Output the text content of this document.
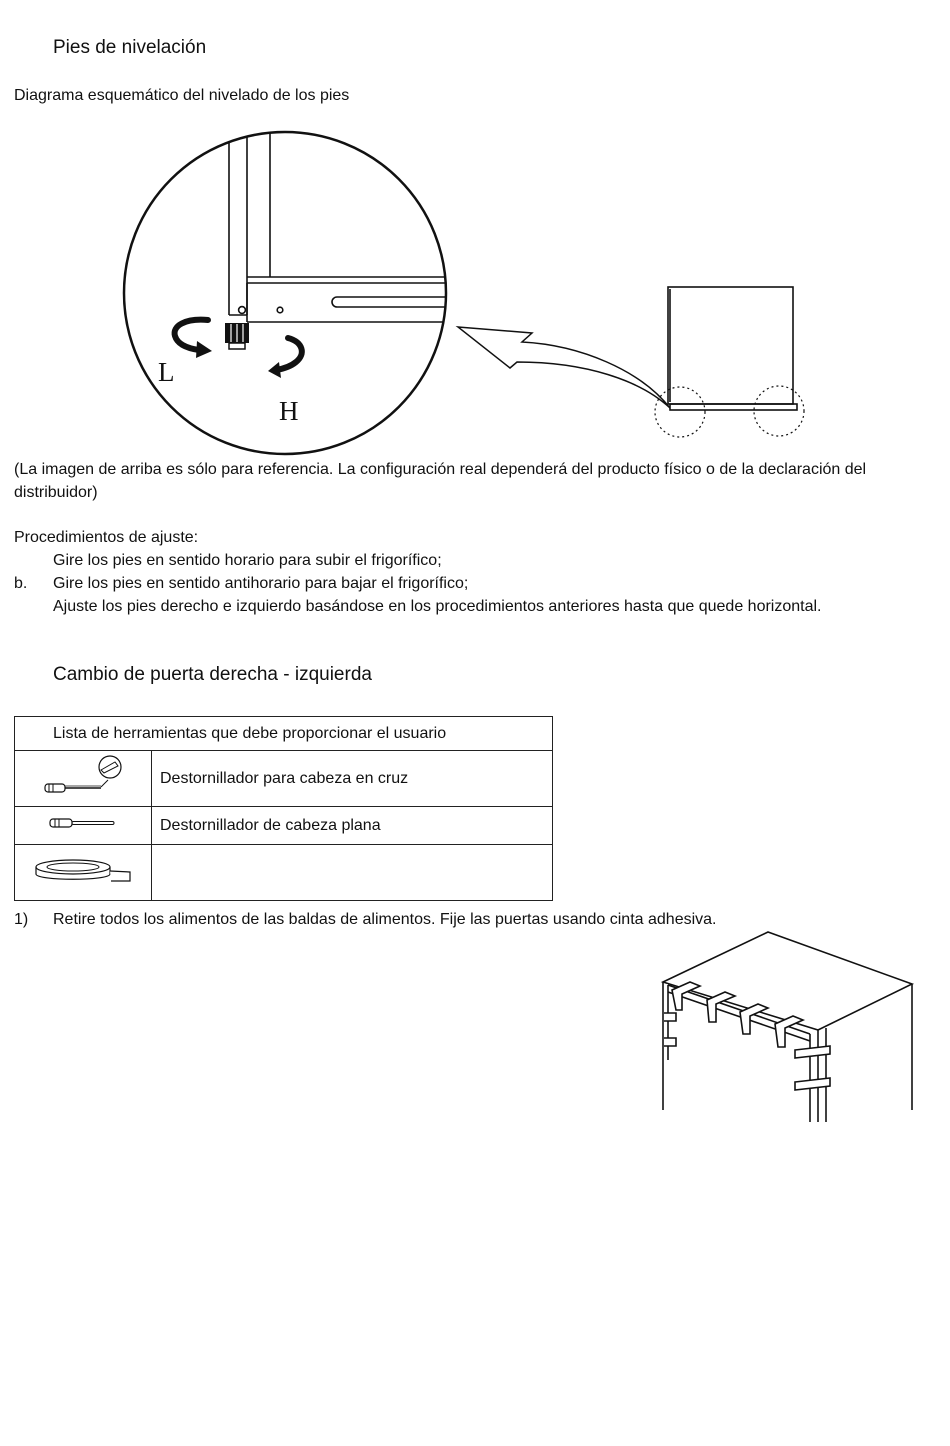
Pies de nivelación
Diagrama esquemático del nivelado de los pies
L
H
(La imagen de arriba es sólo para referencia. La configuración real dependerá del producto físico o de la declaración del distribuidor)
Procedimientos de ajuste:
Gire los pies en sentido horario para subir el frigorífico;
b. Gire los pies en sentido antihorario para bajar el frigorífico;
Ajuste los pies derecho e izquierdo basándose en los procedimientos anteriores hasta que quede horizontal.
Cambio de puerta derecha - izquierda
Lista de herramientas que debe proporcionar el usuario	
	Destornillador para cabeza en cruz
	Destornillador de cabeza plana

1) Retire todos los alimentos de las baldas de alimentos. Fije las puertas usando cinta adhesiva.
